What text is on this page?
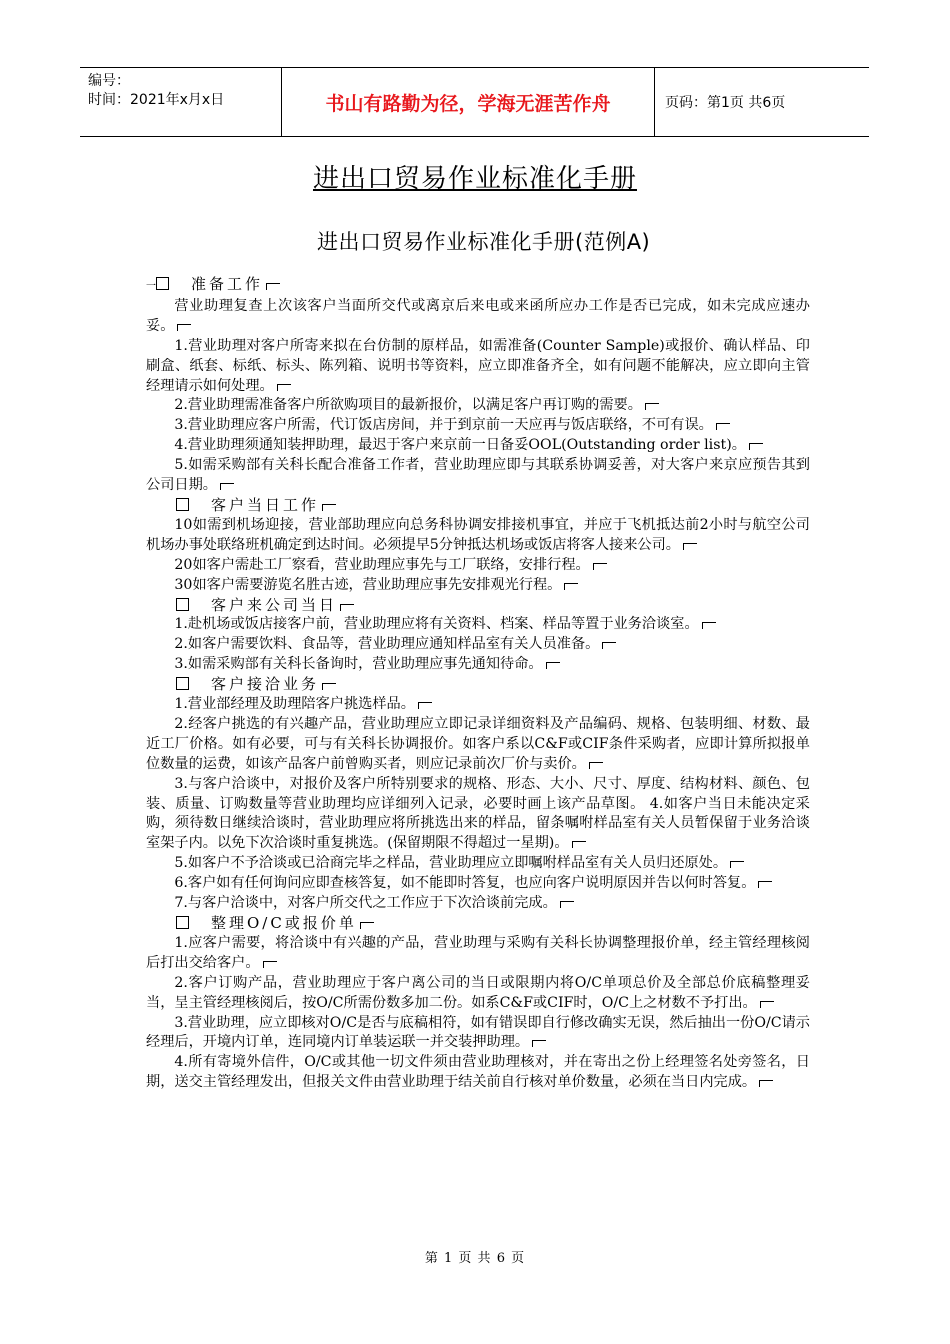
编号：
时间：2021年x月x日	书山有路勤为径，学海无涯苦作舟	页码：第1页 共6页
进出口贸易作业标准化手册
进出口贸易作业标准化手册(范例A)

一 准备工作

营业助理复查上次该客户当面所交代或离京后来电或来函所应办工作是否已完成，如未完成应速办妥。

1.营业助理对客户所寄来拟在台仿制的原样品，如需准备(Counter Sample)或报价、确认样品、印刷盒、纸套、标纸、标头、陈列箱、说明书等资料，应立即准备齐全，如有问题不能解决，应立即向主管经理请示如何处理。

2.营业助理需准备客户所欲购项目的最新报价，以满足客户再订购的需要。

3.营业助理应客户所需，代订饭店房间，并于到京前一天应再与饭店联络，不可有误。

4.营业助理须通知装押助理，最迟于客户来京前一日备妥OOL(Outstanding order list)。

5.如需采购部有关科长配合准备工作者，营业助理应即与其联系协调妥善，对大客户来京应预告其到公司日期。

客户当日工作

10如需到机场迎接，营业部助理应向总务科协调安排接机事宜，并应于飞机抵达前2小时与航空公司机场办事处联络班机确定到达时间。必须提早5分钟抵达机场或饭店将客人接来公司。

20如客户需赴工厂察看，营业助理应事先与工厂联络，安排行程。

30如客户需要游览名胜古迹，营业助理应事先安排观光行程。

客户来公司当日

1.赴机场或饭店接客户前，营业助理应将有关资料、档案、样品等置于业务洽谈室。

2.如客户需要饮料、食品等，营业助理应通知样品室有关人员准备。

3.如需采购部有关科长备询时，营业助理应事先通知待命。

客户接洽业务

1.营业部经理及助理陪客户挑选样品。

2.经客户挑选的有兴趣产品，营业助理应立即记录详细资料及产品编码、规格、包装明细、材数、最近工厂价格。如有必要，可与有关科长协调报价。如客户系以C&F或CIF条件采购者，应即计算所拟报单位数量的运费，如该产品客户前曾购买者，则应记录前次厂价与卖价。

3.与客户洽谈中，对报价及客户所特别要求的规格、形态、大小、尺寸、厚度、结构材料、颜色、包装、质量、订购数量等营业助理均应详细列入记录，必要时画上该产品草图。 4.如客户当日未能决定采购，须待数日继续洽谈时，营业助理应将所挑选出来的样品，留条嘱咐样品室有关人员暂保留于业务洽谈室架子内。以免下次洽谈时重复挑选。(保留期限不得超过一星期)。

5.如客户不予洽谈或已洽商完毕之样品，营业助理应立即嘱咐样品室有关人员归还原处。

6.客户如有任何询问应即查核答复，如不能即时答复，也应向客户说明原因并告以何时答复。

7.与客户洽谈中，对客户所交代之工作应于下次洽谈前完成。

整理O/C或报价单

1.应客户需要，将洽谈中有兴趣的产品，营业助理与采购有关科长协调整理报价单，经主管经理核阅后打出交给客户。

2.客户订购产品，营业助理应于客户离公司的当日或限期内将O/C单项总价及全部总价底稿整理妥当，呈主管经理核阅后，按O/C所需份数多加二份。如系C&F或CIF时，O/C上之材数不予打出。

3.营业助理，应立即核对O/C是否与底稿相符，如有错误即自行修改确实无误，然后抽出一份O/C请示经理后，开境内订单，连同境内订单装运联一并交装押助理。

4.所有寄境外信件，O/C或其他一切文件须由营业助理核对，并在寄出之份上经理签名处旁签名，日期，送交主管经理发出，但报关文件由营业助理于结关前自行核对单价数量，必须在当日内完成。

第 1 页 共 6 页
